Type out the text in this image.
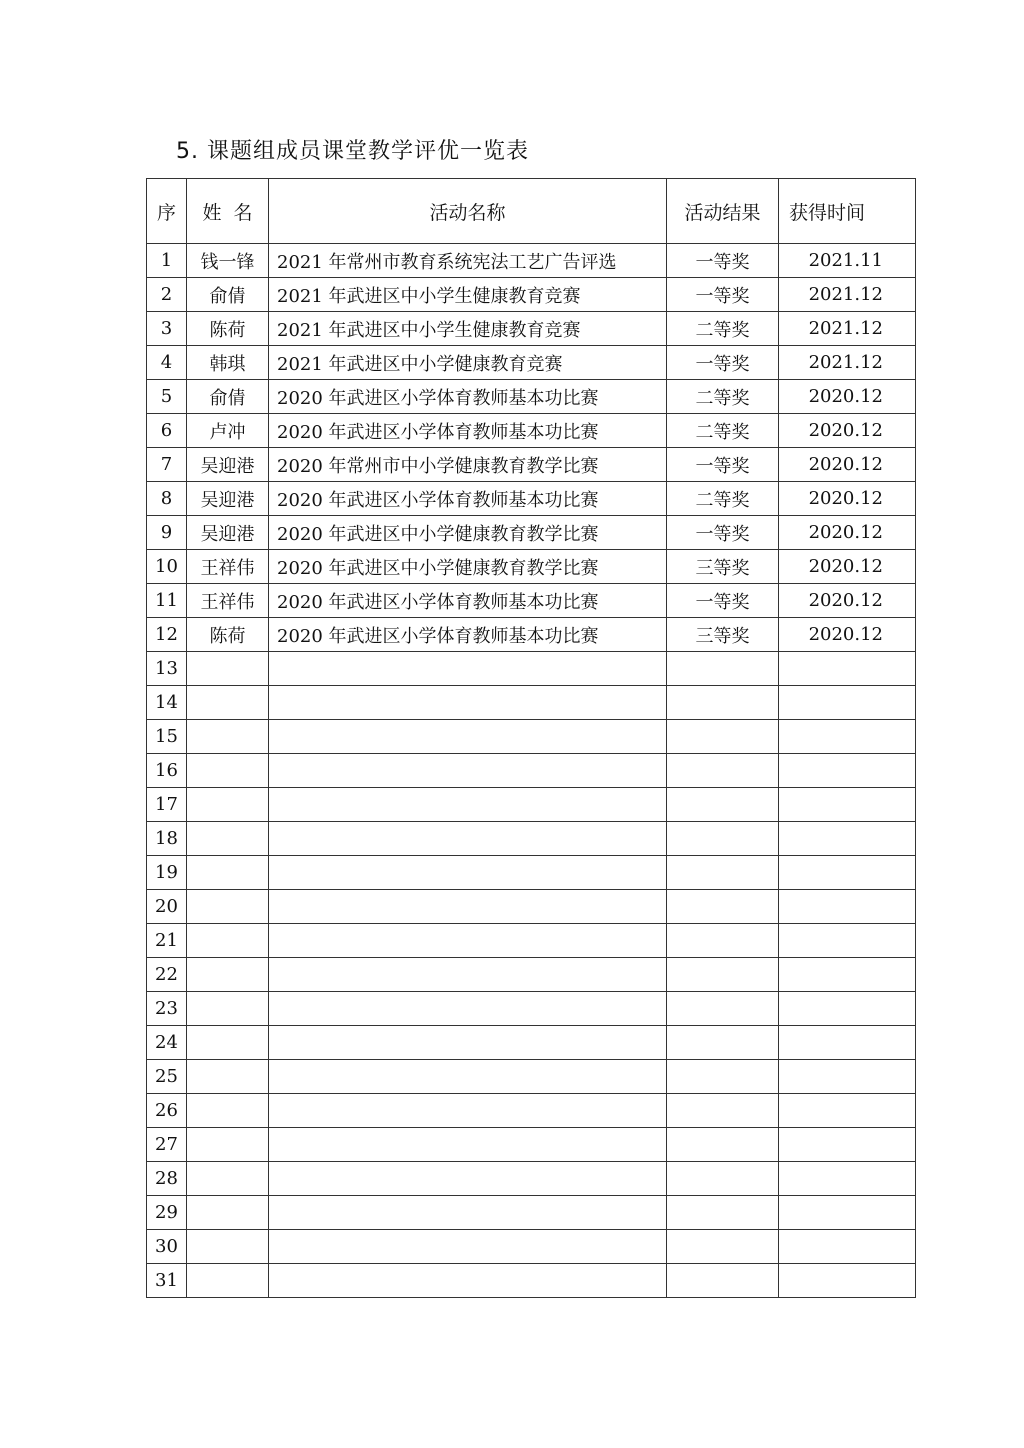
5. 课题组成员课堂教学评优一览表
序	姓  名	活动名称	活动结果	获得时间
1	钱一锋	2021 年常州市教育系统宪法工艺广告评选	一等奖	2021.11
2	俞倩	2021 年武进区中小学生健康教育竞赛	一等奖	2021.12
3	陈荷	2021 年武进区中小学生健康教育竞赛	二等奖	2021.12
4	韩琪	2021 年武进区中小学健康教育竞赛	一等奖	2021.12
5	俞倩	2020 年武进区小学体育教师基本功比赛	二等奖	2020.12
6	卢冲	2020 年武进区小学体育教师基本功比赛	二等奖	2020.12
7	吴迎港	2020 年常州市中小学健康教育教学比赛	一等奖	2020.12
8	吴迎港	2020 年武进区小学体育教师基本功比赛	二等奖	2020.12
9	吴迎港	2020 年武进区中小学健康教育教学比赛	一等奖	2020.12
10	王祥伟	2020 年武进区中小学健康教育教学比赛	三等奖	2020.12
11	王祥伟	2020 年武进区小学体育教师基本功比赛	一等奖	2020.12
12	陈荷	2020 年武进区小学体育教师基本功比赛	三等奖	2020.12
13				
14				
15				
16				
17				
18				
19				
20				
21				
22				
23				
24				
25				
26				
27				
28				
29				
30				
31				
